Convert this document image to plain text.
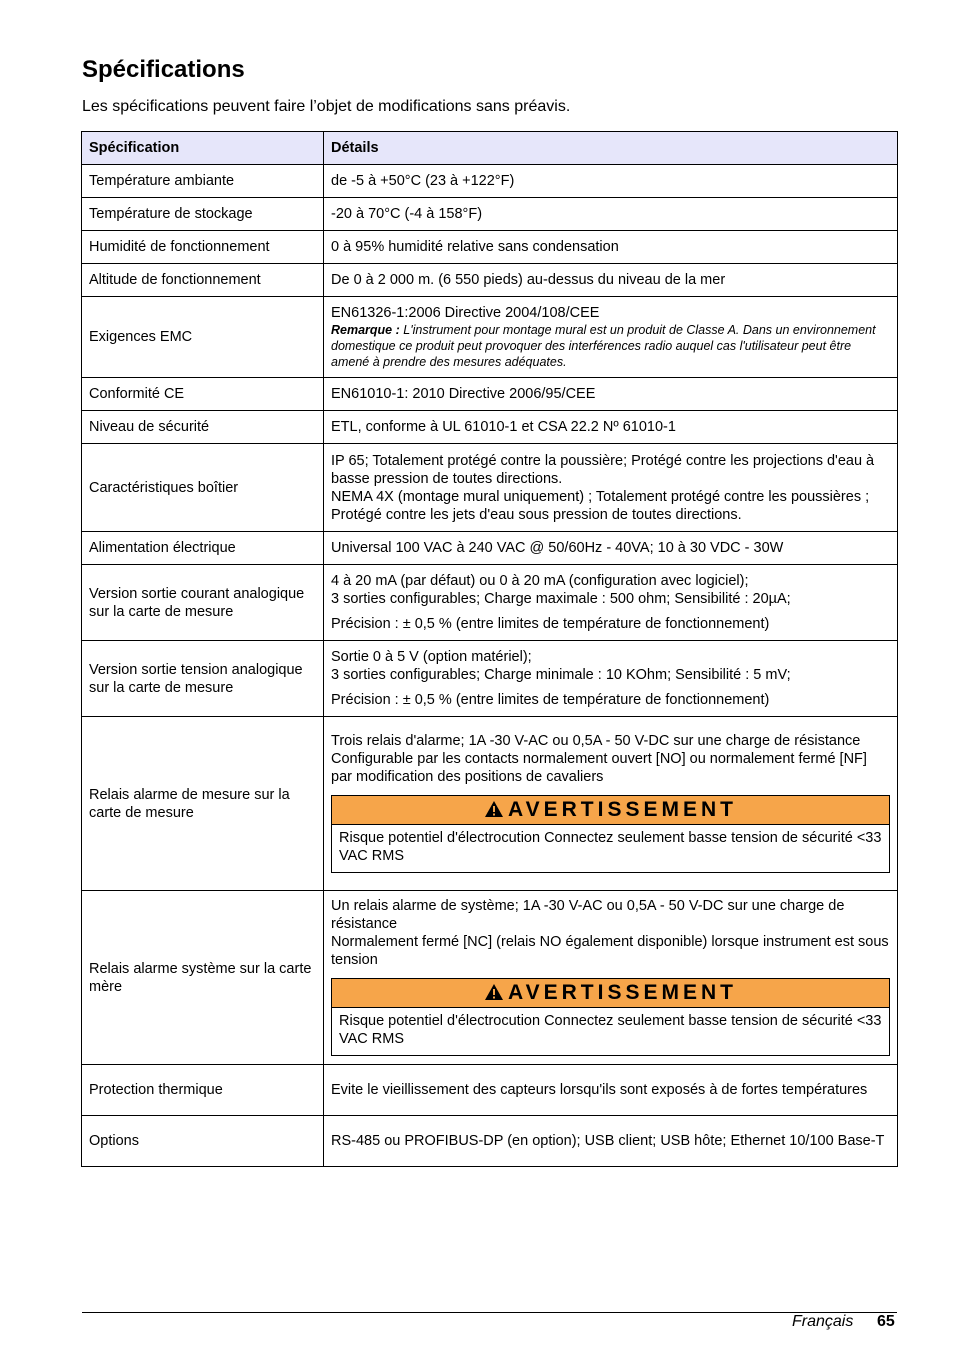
Spécifications

Les spécifications peuvent faire l’objet de modifications sans préavis.

Spécification	Détails
Température ambiante	de -5 à +50°C (23 à +122°F)
Température de stockage	-20 à 70°C (-4 à 158°F)
Humidité de fonctionnement	0 à 95% humidité relative sans condensation
Altitude de fonctionnement	De 0 à 2 000 m. (6 550 pieds) au-dessus du niveau de la mer
Exigences EMC	EN61326-1:2006 Directive 2004/108/CEE
Remarque : L'instrument pour montage mural est un produit de Classe A. Dans un environnement domestique ce produit peut provoquer des interférences radio auquel cas l'utilisateur peut être amené à prendre des mesures adéquates.

Conformité CE	EN61010-1: 2010 Directive 2006/95/CEE
Niveau de sécurité	ETL, conforme à UL 61010-1 et CSA 22.2 Nº 61010-1
Caractéristiques boîtier	IP 65; Totalement protégé contre la poussière; Protégé contre les projections d'eau à basse pression de toutes directions.
NEMA 4X (montage mural uniquement) ; Totalement protégé contre les poussières ; Protégé contre les jets d'eau sous pression de toutes directions.

Alimentation électrique	Universal 100 VAC à 240 VAC @ 50/60Hz - 40VA; 10 à 30 VDC - 30W
Version sortie courant analogique sur la carte de mesure	4 à 20 mA (par défaut) ou 0 à 20 mA (configuration avec logiciel);
3 sorties configurables; Charge maximale : 500 ohm; Sensibilité : 20µA;
Précision : ± 0,5 % (entre limites de température de fonctionnement)

Version sortie tension analogique sur la carte de mesure	Sortie 0 à 5 V (option matériel);
3 sorties configurables; Charge minimale : 10 KOhm; Sensibilité : 5 mV;
Précision : ± 0,5 % (entre limites de température de fonctionnement)

Relais alarme de mesure sur la carte de mesure	Trois relais d'alarme; 1A -30 V-AC ou 0,5A - 50 V-DC sur une charge de résistance
Configurable par les contacts normalement ouvert [NO] ou normalement fermé [NF] par modification des positions de cavaliers
AVERTISSEMENT
Risque potentiel d'électrocution Connectez seulement basse tension de sécurité <33 VAC RMS

Relais alarme système sur la carte mère	Un relais alarme de système; 1A -30 V-AC ou 0,5A - 50 V-DC sur une charge de résistance
Normalement fermé [NC] (relais NO également disponible) lorsque instrument est sous tension
AVERTISSEMENT
Risque potentiel d'électrocution Connectez seulement basse tension de sécurité <33 VAC RMS

Protection thermique	Evite le vieillissement des capteurs lorsqu'ils sont exposés à de fortes températures
Options	RS-485 ou PROFIBUS-DP (en option); USB client; USB hôte; Ethernet 10/100 Base-T
Français 65
